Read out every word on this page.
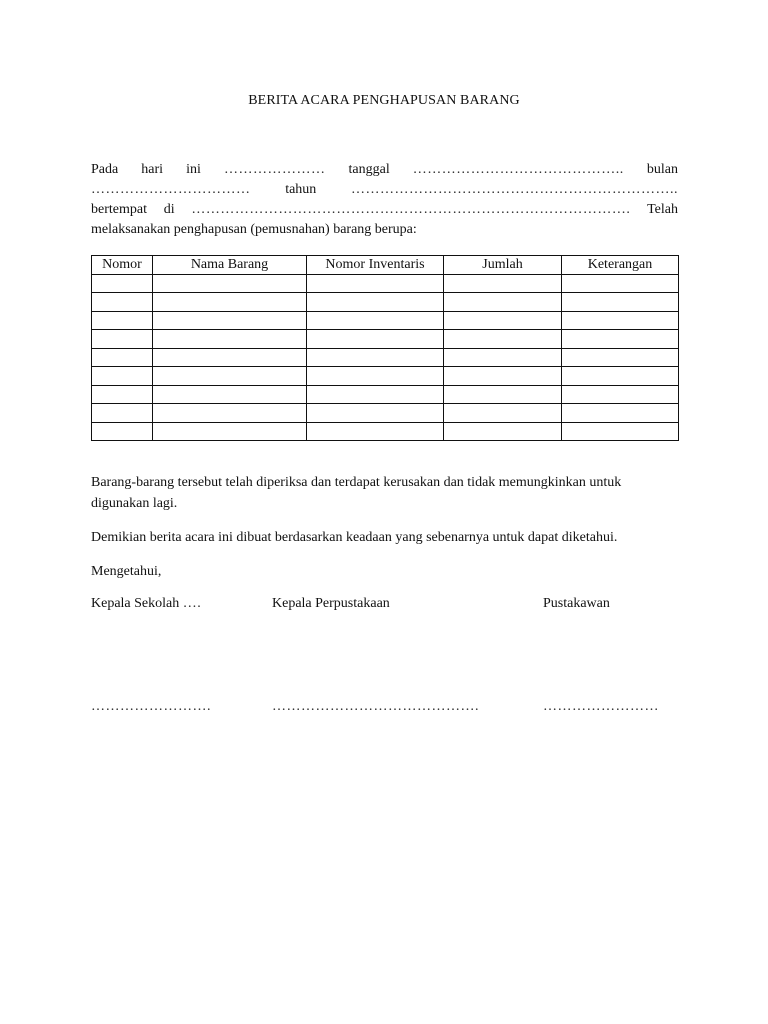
BERITA ACARA PENGHAPUSAN BARANG
Pada hari ini ………………… tanggal …………………………………….. bulan
…………………………… tahun …………………………………………………………..
bertempat di ………………………………………………………………………………. Telah
melaksanakan penghapusan (pemusnahan) barang berupa:
Nomor	Nama Barang	Nomor Inventaris	Jumlah	Keterangan

Barang-barang tersebut telah diperiksa dan terdapat kerusakan dan tidak memungkinkan untuk digunakan lagi.
Demikian berita acara ini dibuat berdasarkan keadaan yang sebenarnya untuk dapat diketahui.
Mengetahui,
Kepala Sekolah ….	Kepala Perpustakaan	Pustakawan
…………………….	…………………………………….	……………………
